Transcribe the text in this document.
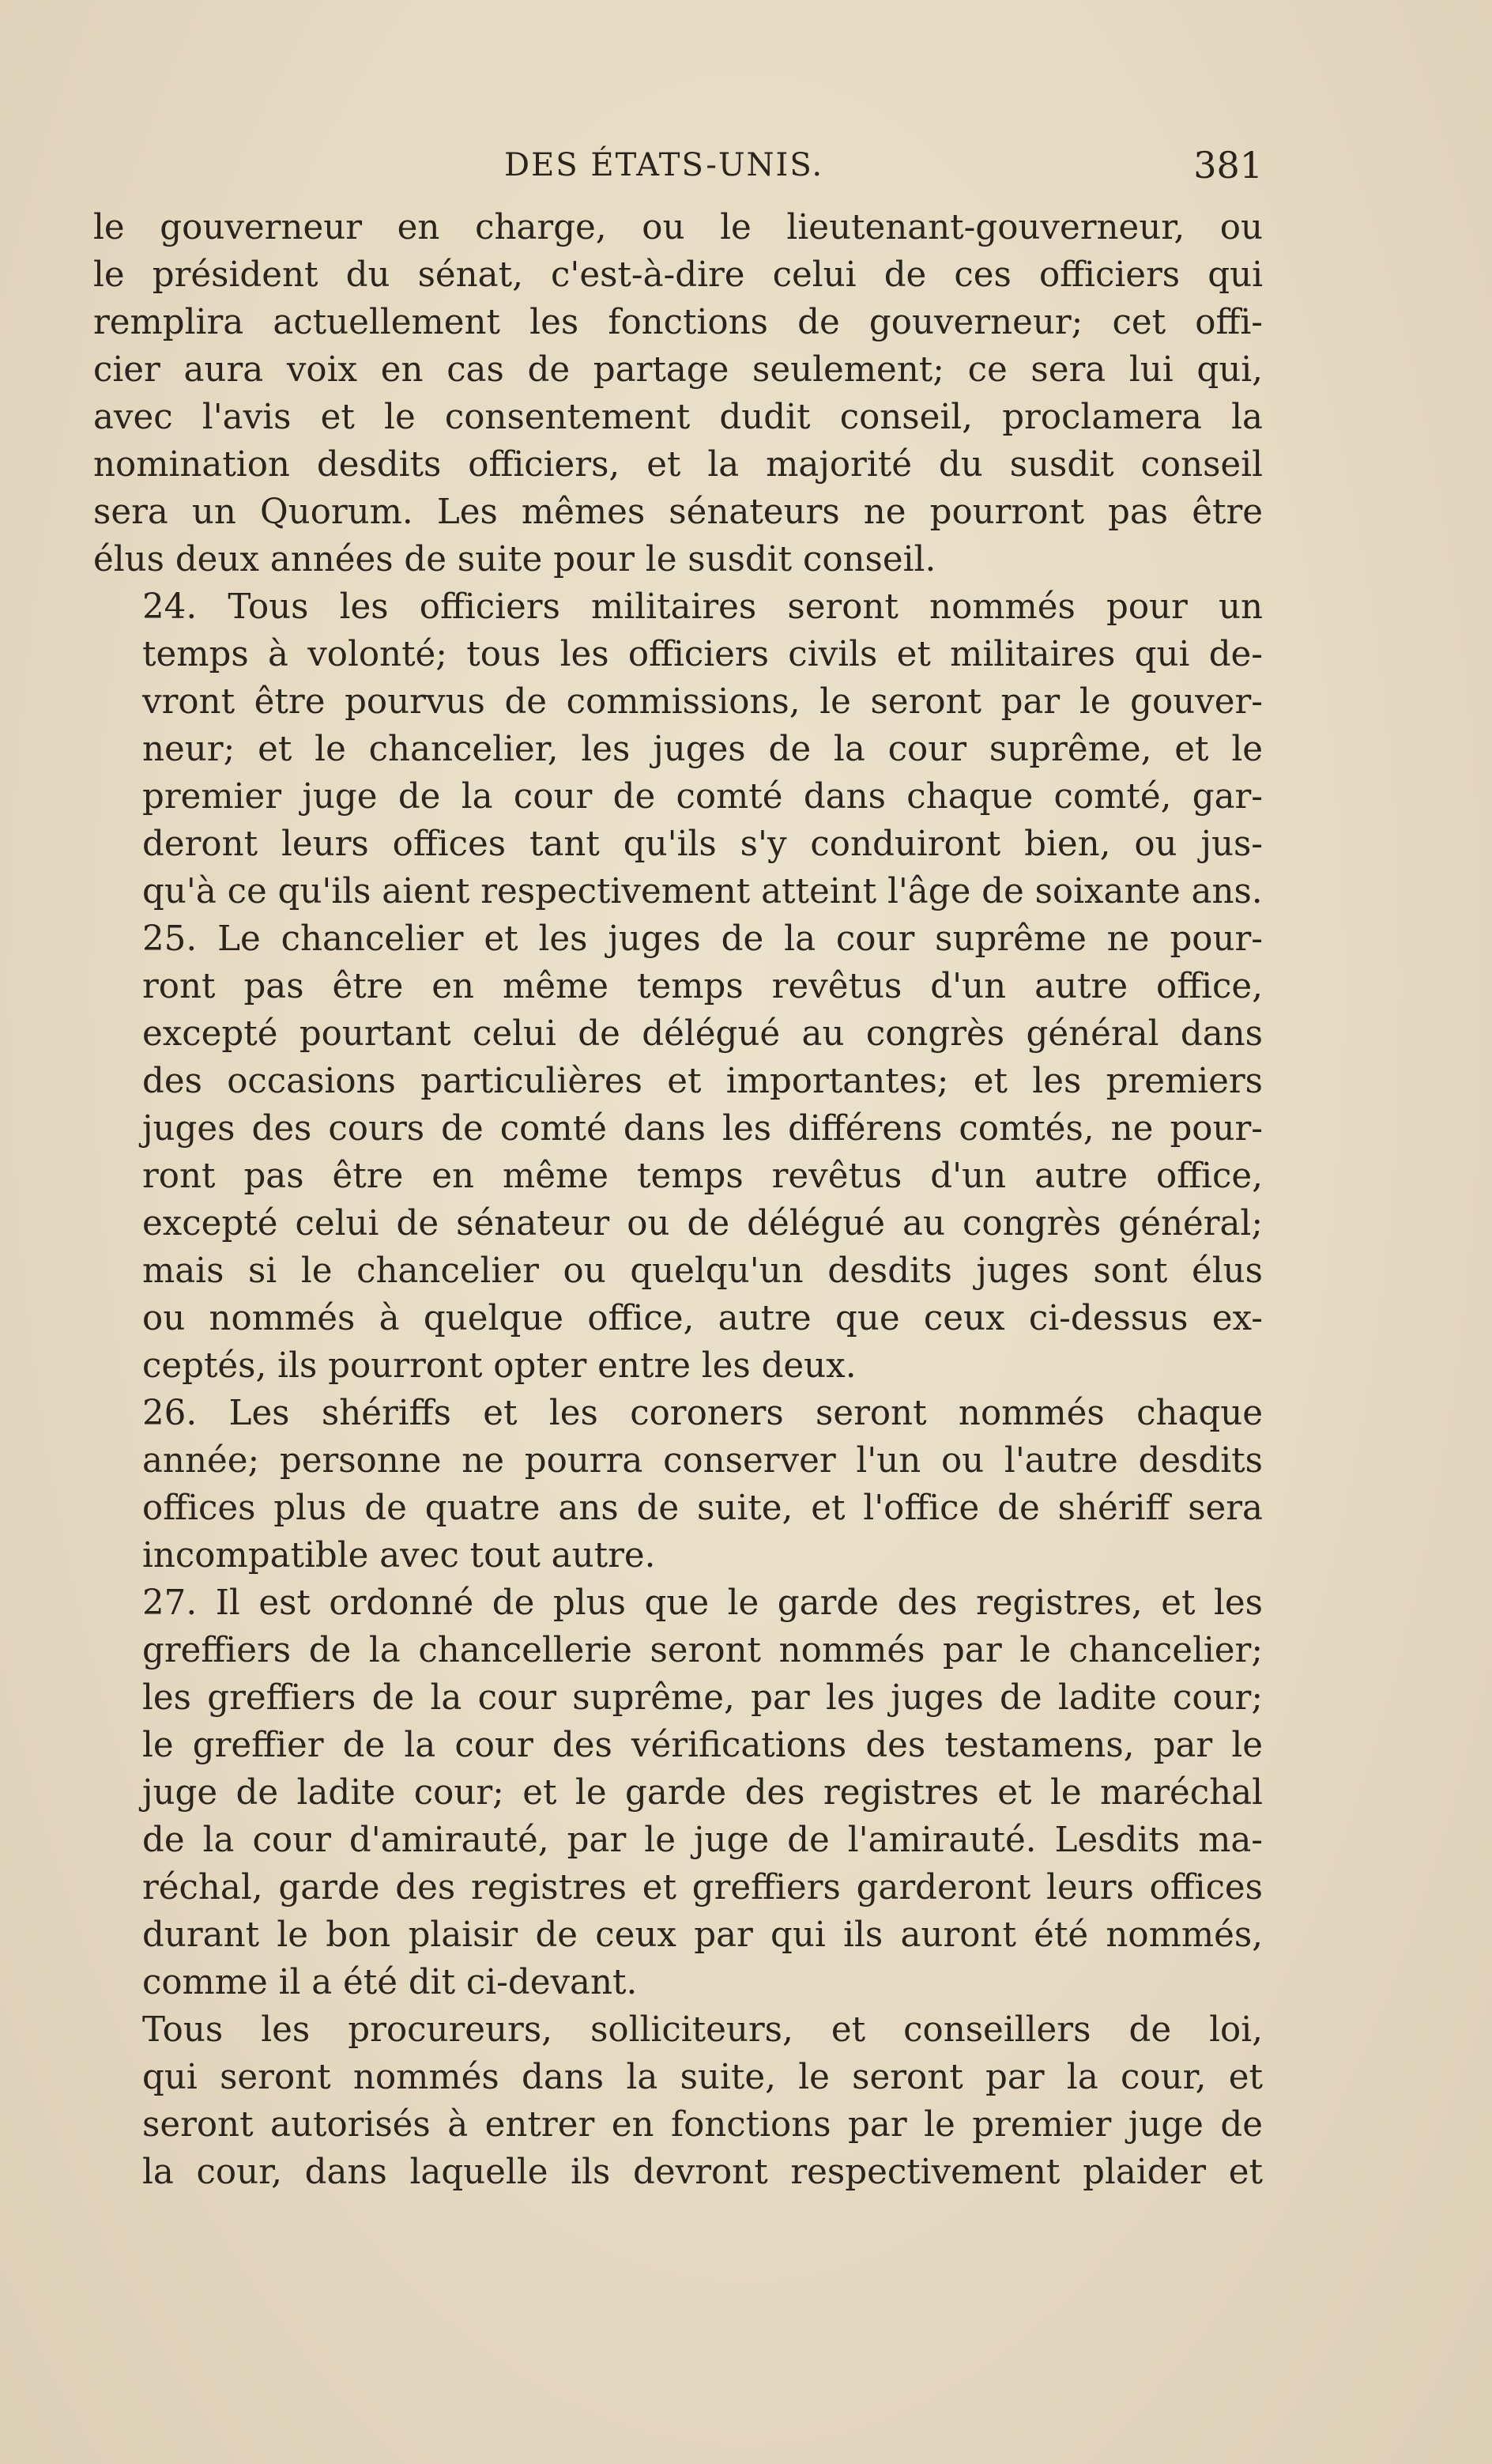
DES ÉTATS-UNIS.	381

le gouverneur en charge, ou le lieutenant-gouverneur, ou
le président du sénat, c'est-à-dire celui de ces officiers qui
remplira actuellement les fonctions de gouverneur; cet offi-
cier aura voix en cas de partage seulement; ce sera lui qui,
avec l'avis et le consentement dudit conseil, proclamera la
nomination desdits officiers, et la majorité du susdit conseil
sera un Quorum. Les mêmes sénateurs ne pourront pas être
élus deux années de suite pour le susdit conseil.

24. Tous les officiers militaires seront nommés pour un
temps à volonté; tous les officiers civils et militaires qui de-
vront être pourvus de commissions, le seront par le gouver-
neur; et le chancelier, les juges de la cour suprême, et le
premier juge de la cour de comté dans chaque comté, gar-
deront leurs offices tant qu'ils s'y conduiront bien, ou jus-
qu'à ce qu'ils aient respectivement atteint l'âge de soixante ans.

25. Le chancelier et les juges de la cour suprême ne pour-
ront pas être en même temps revêtus d'un autre office,
excepté pourtant celui de délégué au congrès général dans
des occasions particulières et importantes; et les premiers
juges des cours de comté dans les différens comtés, ne pour-
ront pas être en même temps revêtus d'un autre office,
excepté celui de sénateur ou de délégué au congrès général;
mais si le chancelier ou quelqu'un desdits juges sont élus
ou nommés à quelque office, autre que ceux ci-dessus ex-
ceptés, ils pourront opter entre les deux.

26. Les shériffs et les coroners seront nommés chaque
année; personne ne pourra conserver l'un ou l'autre desdits
offices plus de quatre ans de suite, et l'office de shériff sera
incompatible avec tout autre.

27. Il est ordonné de plus que le garde des registres, et les
greffiers de la chancellerie seront nommés par le chancelier;
les greffiers de la cour suprême, par les juges de ladite cour;
le greffier de la cour des vérifications des testamens, par le
juge de ladite cour; et le garde des registres et le maréchal
de la cour d'amirauté, par le juge de l'amirauté. Lesdits ma-
réchal, garde des registres et greffiers garderont leurs offices
durant le bon plaisir de ceux par qui ils auront été nommés,
comme il a été dit ci-devant.

Tous les procureurs, solliciteurs, et conseillers de loi,
qui seront nommés dans la suite, le seront par la cour, et
seront autorisés à entrer en fonctions par le premier juge de
la cour, dans laquelle ils devront respectivement plaider et
